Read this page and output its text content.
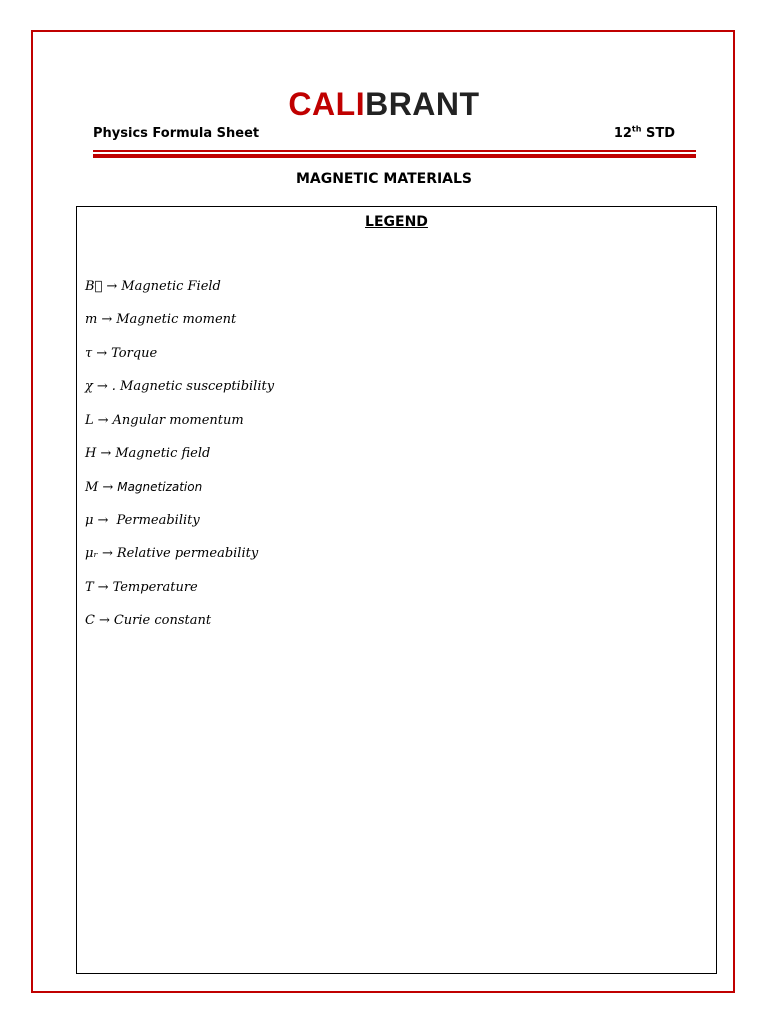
CALIBRANT
Physics Formula Sheet	12th STD
MAGNETIC MATERIALS
LEGEND
B⃗ → Magnetic Field
m → Magnetic moment
τ → Torque
χ → . Magnetic susceptibility
L → Angular momentum
H → Magnetic field
M → Magnetization
μ → Permeability
μᵣ → Relative permeability
T → Temperature
C → Curie constant
